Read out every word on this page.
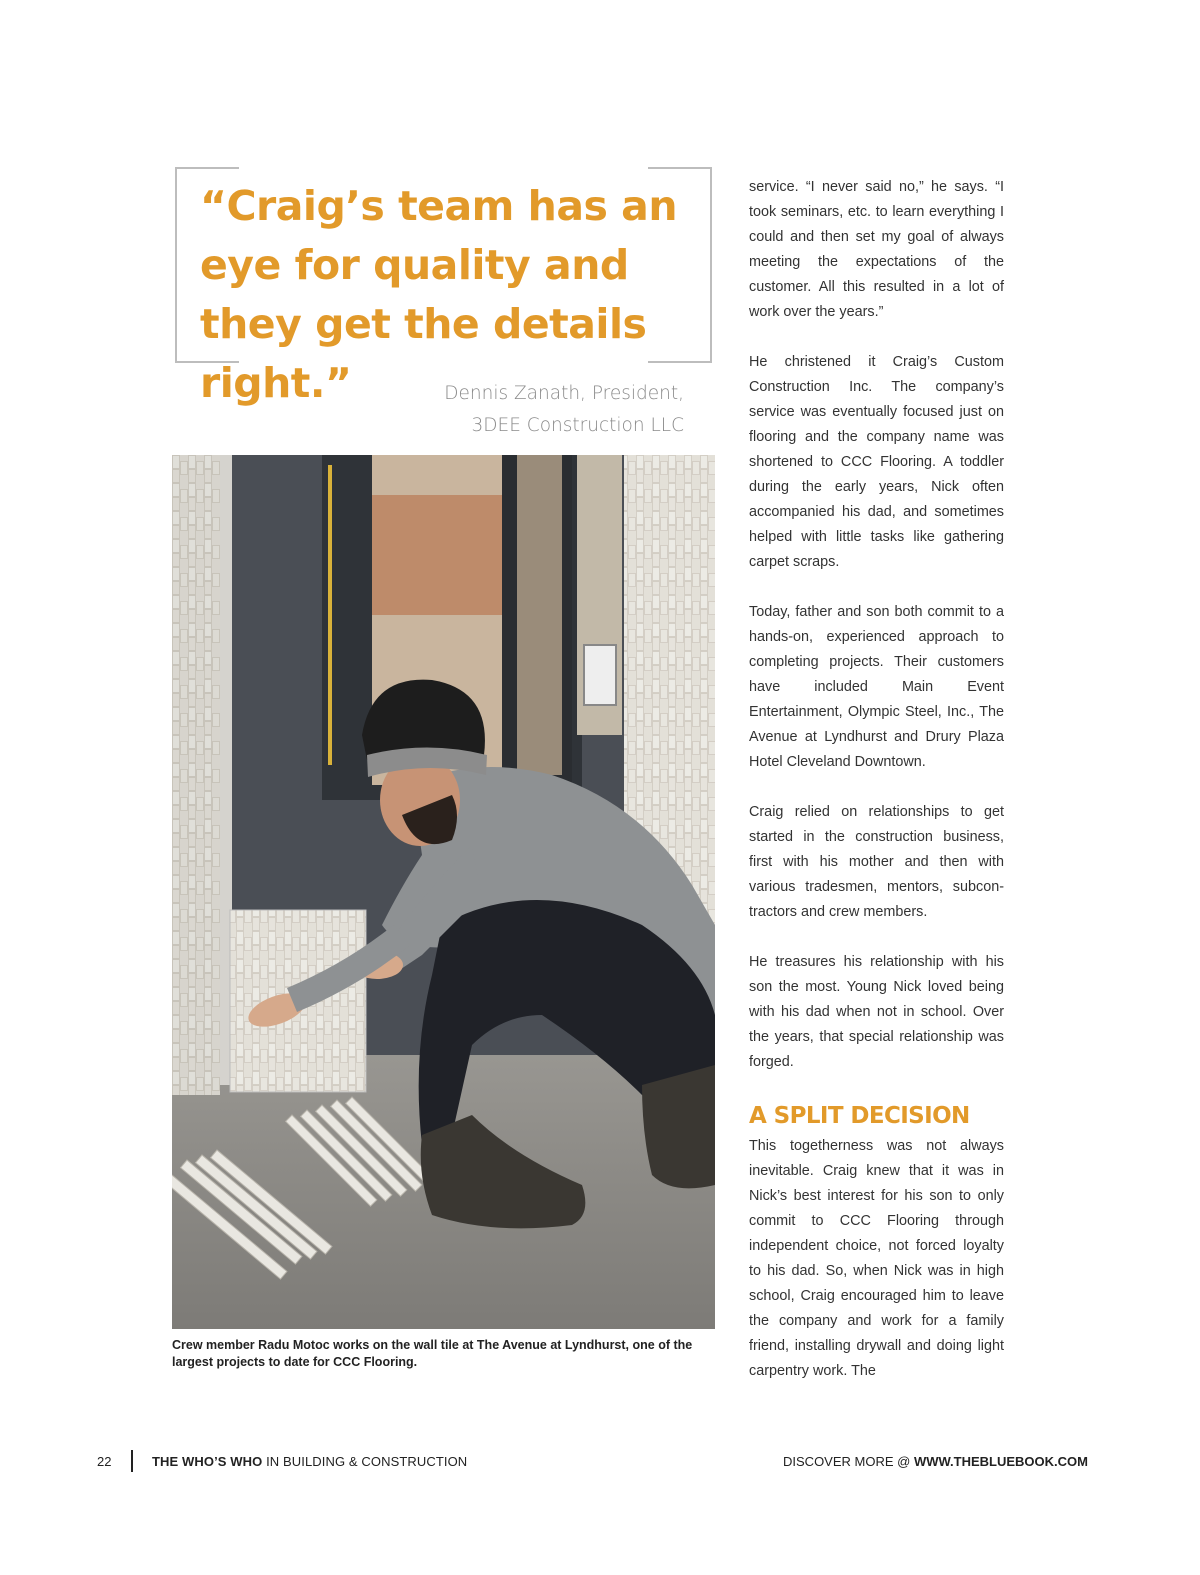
“Craig’s team has an eye for quality and they get the details right.”	Dennis Zanath, President,
3DEE Construction LLC

Crew member Radu Motoc works on the wall tile at The Avenue at Lyndhurst, one of the largest projects to date for CCC Flooring.

service. “I never said no,” he says. “I took seminars, etc. to learn everything I could and then set my goal of always meeting the expectations of the customer. All this resulted in a lot of work over the years.”

He christened it Craig’s Custom Construction Inc. The company’s service was eventually focused just on flooring and the company name was shortened to CCC Flooring. A toddler during the early years, Nick often accompanied his dad, and sometimes helped with little tasks like gathering carpet scraps.

Today, father and son both commit to a hands-on, experienced approach to completing projects. Their customers have included Main Event Entertainment, Olympic Steel, Inc., The Avenue at Lyndhurst and Drury Plaza Hotel Cleveland Downtown.

Craig relied on relationships to get started in the construction business, first with his mother and then with various tradesmen, mentors, subcontractors and crew members.

He treasures his relationship with his son the most. Young Nick loved being with his dad when not in school. Over the years, that special relationship was forged.

A SPLIT DECISION

This togetherness was not always inevitable. Craig knew that it was in Nick’s best interest for his son to only commit to CCC Flooring through independent choice, not forced loyalty to his dad. So, when Nick was in high school, Craig encouraged him to leave the company and work for a family friend, installing drywall and doing light carpentry work. The

22	THE WHO’S WHO IN BUILDING & CONSTRUCTION	DISCOVER MORE @ WWW.THEBLUEBOOK.COM
